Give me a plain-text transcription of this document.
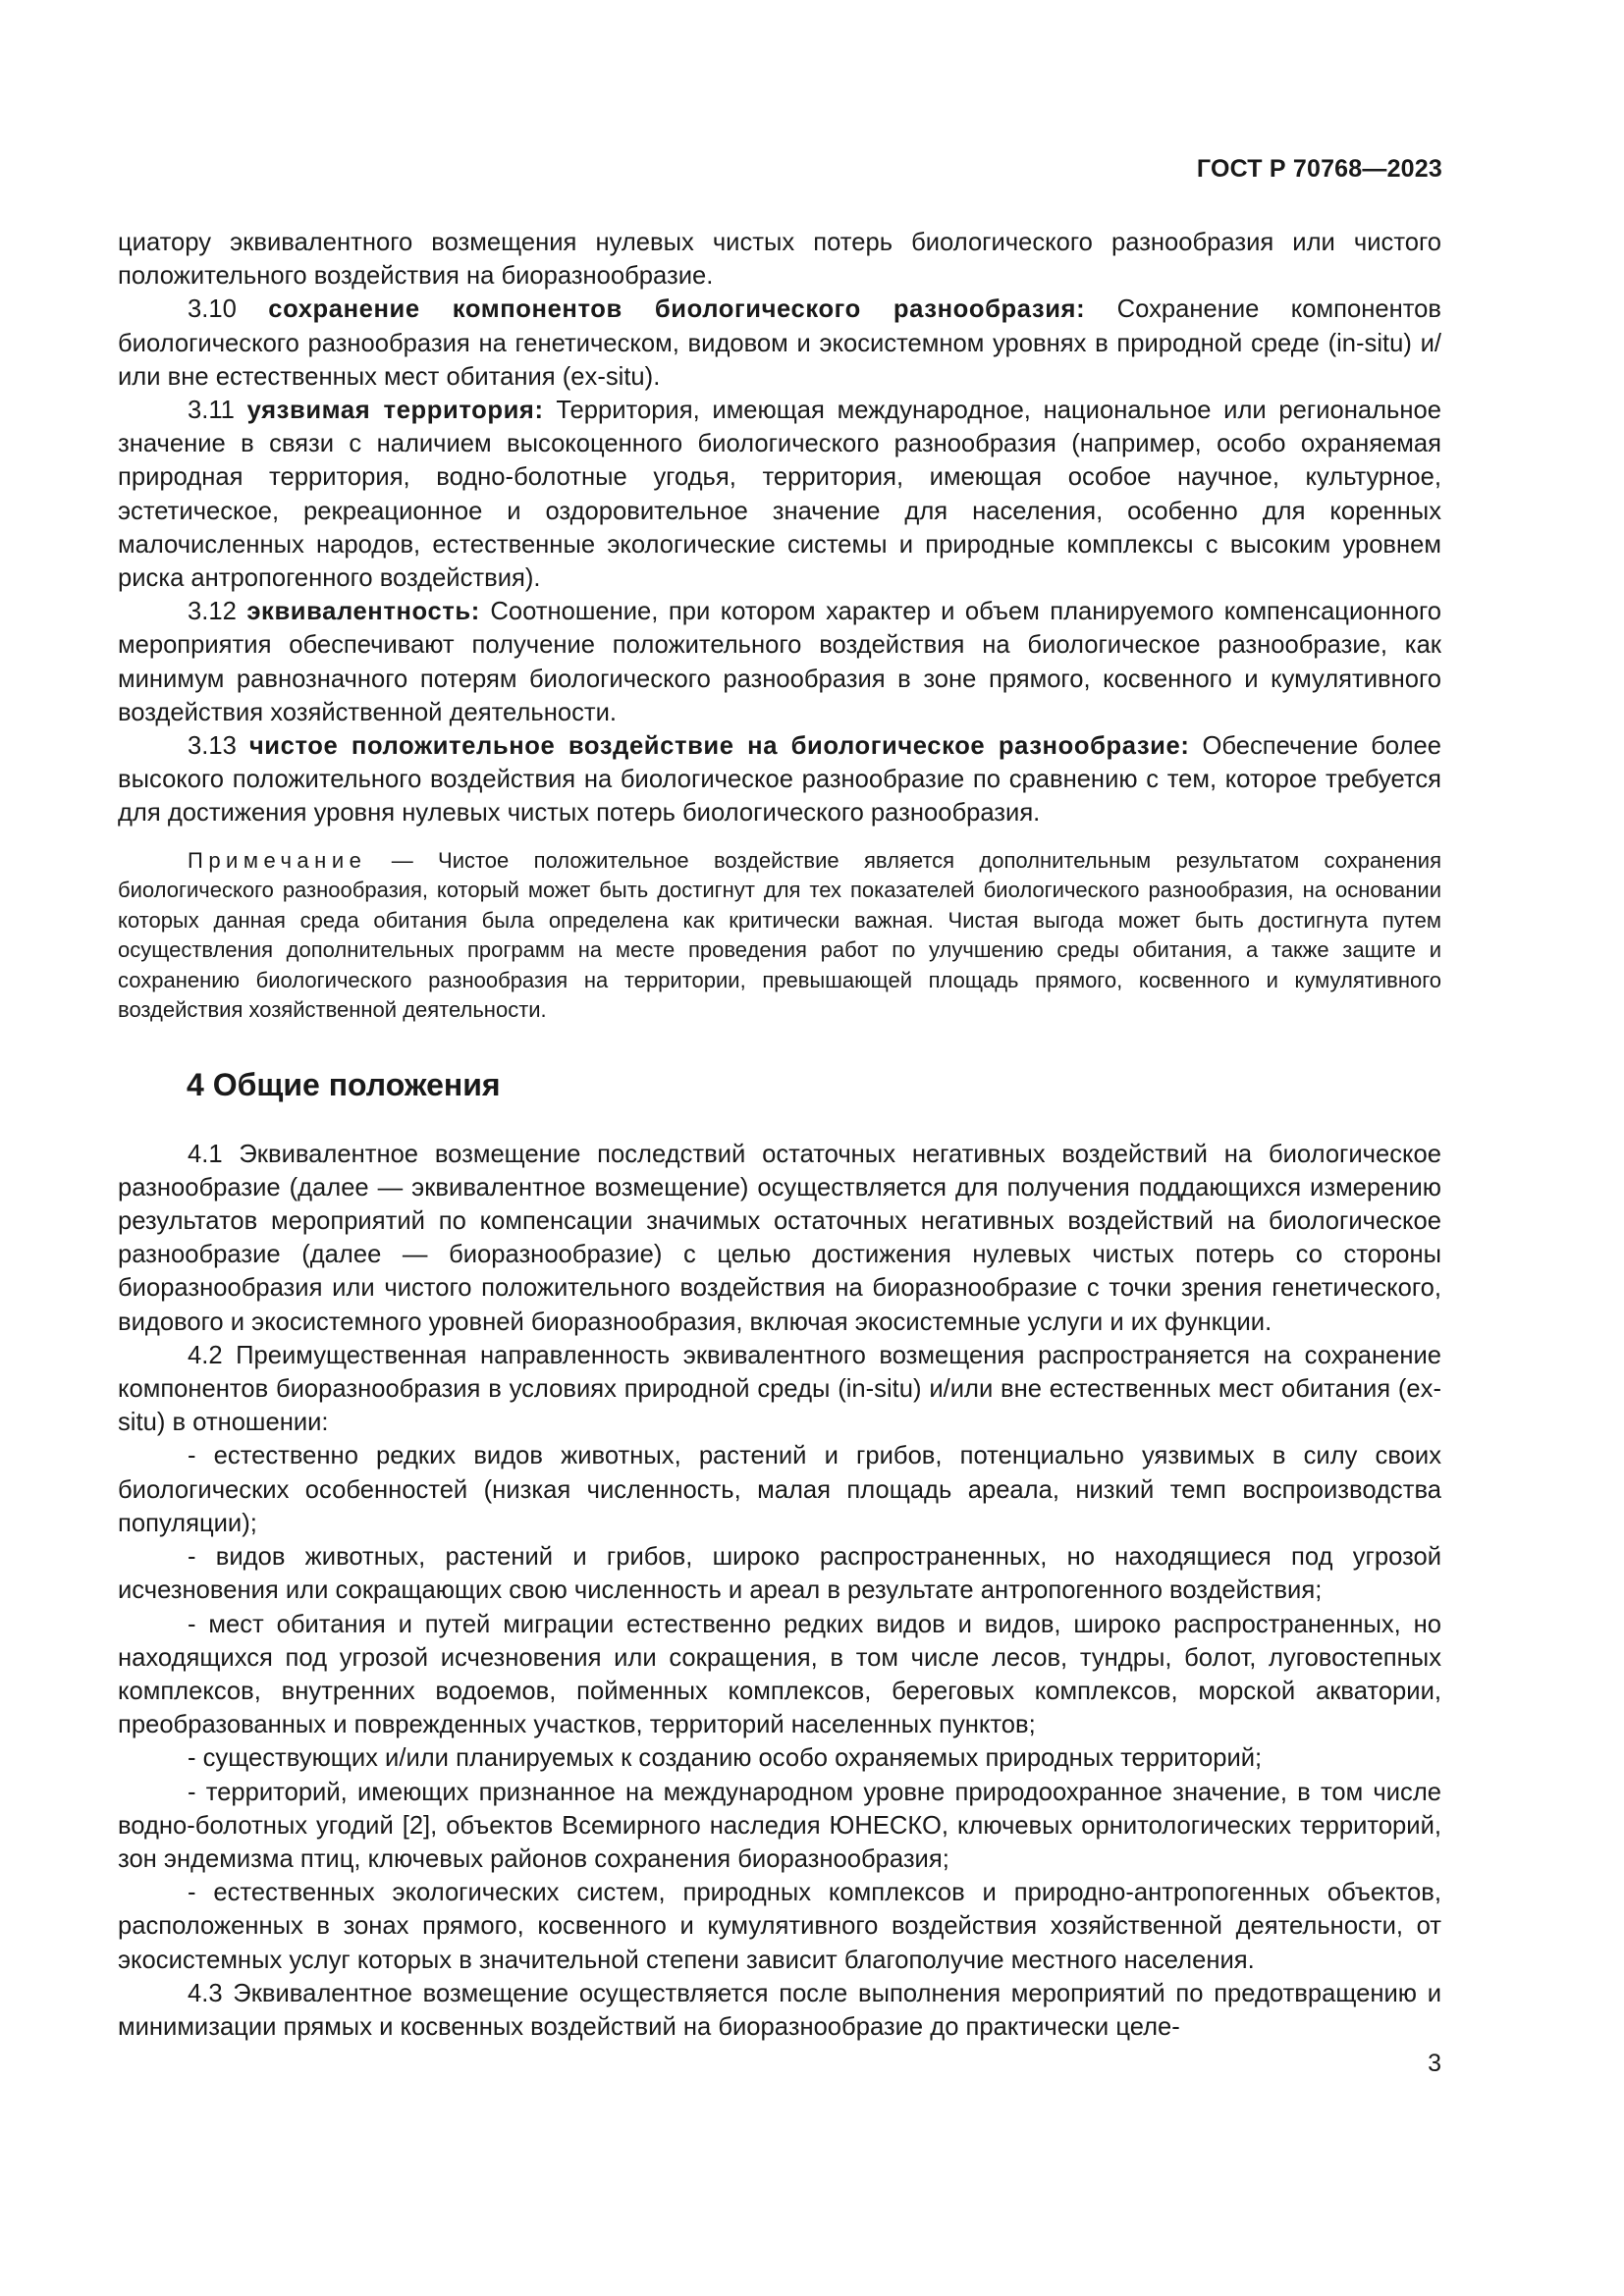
ГОСТ Р 70768—2023

циатору эквивалентного возмещения нулевых чистых потерь биологического разнообразия или чистого положительного воздействия на биоразнообразие.

3.10 сохранение компонентов биологического разнообразия: Сохранение компонентов биологического разнообразия на генетическом, видовом и экосистемном уровнях в природной среде (in-situ) и/или вне естественных мест обитания (ex-situ).

3.11 уязвимая территория: Территория, имеющая международное, национальное или региональное значение в связи с наличием высокоценного биологического разнообразия (например, особо охраняемая природная территория, водно-болотные угодья, территория, имеющая особое научное, культурное, эстетическое, рекреационное и оздоровительное значение для населения, особенно для коренных малочисленных народов, естественные экологические системы и природные комплексы с высоким уровнем риска антропогенного воздействия).

3.12 эквивалентность: Соотношение, при котором характер и объем планируемого компенсационного мероприятия обеспечивают получение положительного воздействия на биологическое разнообразие, как минимум равнозначного потерям биологического разнообразия в зоне прямого, косвенного и кумулятивного воздействия хозяйственной деятельности.

3.13 чистое положительное воздействие на биологическое разнообразие: Обеспечение более высокого положительного воздействия на биологическое разнообразие по сравнению с тем, которое требуется для достижения уровня нулевых чистых потерь биологического разнообразия.

Примечание — Чистое положительное воздействие является дополнительным результатом сохранения биологического разнообразия, который может быть достигнут для тех показателей биологического разнообразия, на основании которых данная среда обитания была определена как критически важная. Чистая выгода может быть достигнута путем осуществления дополнительных программ на месте проведения работ по улучшению среды обитания, а также защите и сохранению биологического разнообразия на территории, превышающей площадь прямого, косвенного и кумулятивного воздействия хозяйственной деятельности.

4 Общие положения

4.1 Эквивалентное возмещение последствий остаточных негативных воздействий на биологическое разнообразие (далее — эквивалентное возмещение) осуществляется для получения поддающихся измерению результатов мероприятий по компенсации значимых остаточных негативных воздействий на биологическое разнообразие (далее — биоразнообразие) с целью достижения нулевых чистых потерь со стороны биоразнообразия или чистого положительного воздействия на биоразнообразие с точки зрения генетического, видового и экосистемного уровней биоразнообразия, включая экосистемные услуги и их функции.

4.2 Преимущественная направленность эквивалентного возмещения распространяется на сохранение компонентов биоразнообразия в условиях природной среды (in-situ) и/или вне естественных мест обитания (ex-situ) в отношении:

- естественно редких видов животных, растений и грибов, потенциально уязвимых в силу своих биологических особенностей (низкая численность, малая площадь ареала, низкий темп воспроизводства популяции);

- видов животных, растений и грибов, широко распространенных, но находящиеся под угрозой исчезновения или сокращающих свою численность и ареал в результате антропогенного воздействия;

- мест обитания и путей миграции естественно редких видов и видов, широко распространенных, но находящихся под угрозой исчезновения или сокращения, в том числе лесов, тундры, болот, луговостепных комплексов, внутренних водоемов, пойменных комплексов, береговых комплексов, морской акватории, преобразованных и поврежденных участков, территорий населенных пунктов;

- существующих и/или планируемых к созданию особо охраняемых природных территорий;

- территорий, имеющих признанное на международном уровне природоохранное значение, в том числе водно-болотных угодий [2], объектов Всемирного наследия ЮНЕСКО, ключевых орнитологических территорий, зон эндемизма птиц, ключевых районов сохранения биоразнообразия;

- естественных экологических систем, природных комплексов и природно-антропогенных объектов, расположенных в зонах прямого, косвенного и кумулятивного воздействия хозяйственной деятельности, от экосистемных услуг которых в значительной степени зависит благополучие местного населения.

4.3 Эквивалентное возмещение осуществляется после выполнения мероприятий по предотвращению и минимизации прямых и косвенных воздействий на биоразнообразие до практически целе-

3
